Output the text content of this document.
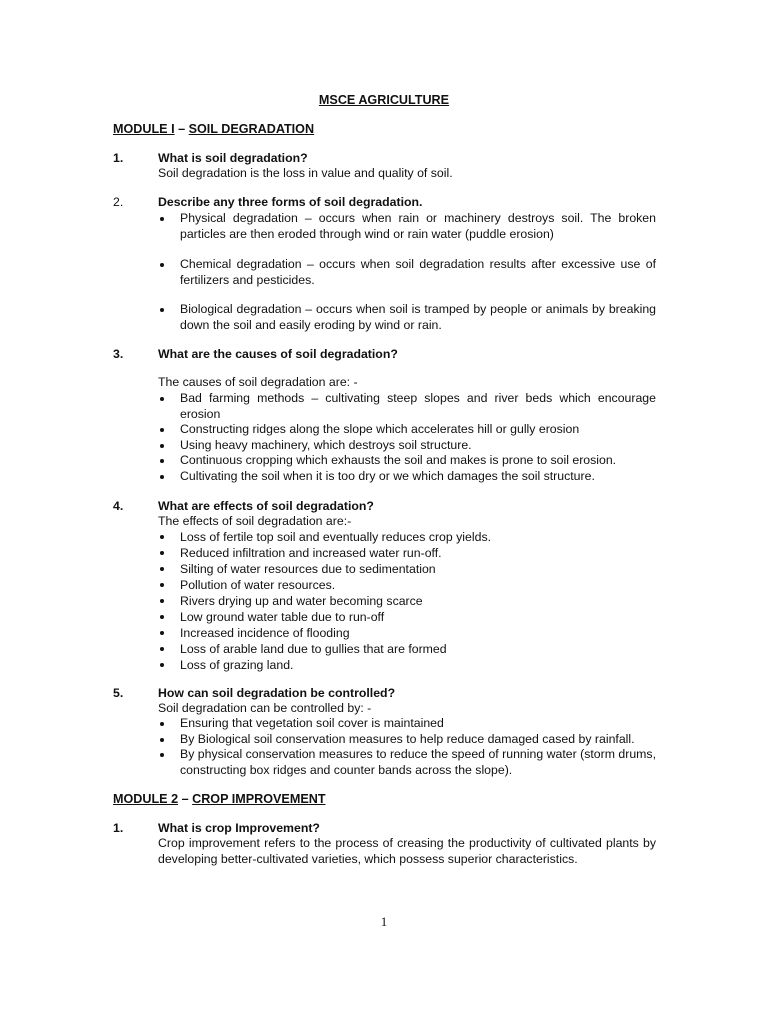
MSCE AGRICULTURE
MODULE I – SOIL DEGRADATION
1.	What is soil degradation?
Soil degradation is the loss in value and quality of soil.
2.	Describe any three forms of soil degradation.
Physical degradation – occurs when rain or machinery destroys soil. The broken particles are then eroded through wind or rain water (puddle erosion)
Chemical degradation – occurs when soil degradation results after excessive use of fertilizers and pesticides.
Biological degradation – occurs when soil is tramped by people or animals by breaking down the soil and easily eroding by wind or rain.
3.	What are the causes of soil degradation?
The causes of soil degradation are: -
Bad farming methods – cultivating steep slopes and river beds which encourage erosion
Constructing ridges along the slope which accelerates hill or gully erosion
Using heavy machinery, which destroys soil structure.
Continuous cropping which exhausts the soil and makes is prone to soil erosion.
Cultivating the soil when it is too dry or we which damages the soil structure.
4.	What are effects of soil degradation?
The effects of soil degradation are:-
Loss of fertile top soil and eventually reduces crop yields.
Reduced infiltration and increased water run-off.
Silting of water resources due to sedimentation
Pollution of water resources.
Rivers drying up and water becoming scarce
Low ground water table due to run-off
Increased incidence of flooding
Loss of arable land due to gullies that are formed
Loss of grazing land.
5.	How can soil degradation be controlled?
Soil degradation can be controlled by: -
Ensuring that vegetation soil cover is maintained
By Biological soil conservation measures to help reduce damaged cased by rainfall.
By physical conservation measures to reduce the speed of running water (storm drums, constructing box ridges and counter bands across the slope).
MODULE 2 – CROP IMPROVEMENT
1.	What is crop Improvement?
Crop improvement refers to the process of creasing the productivity of cultivated plants by developing better-cultivated varieties, which possess superior characteristics.
1
